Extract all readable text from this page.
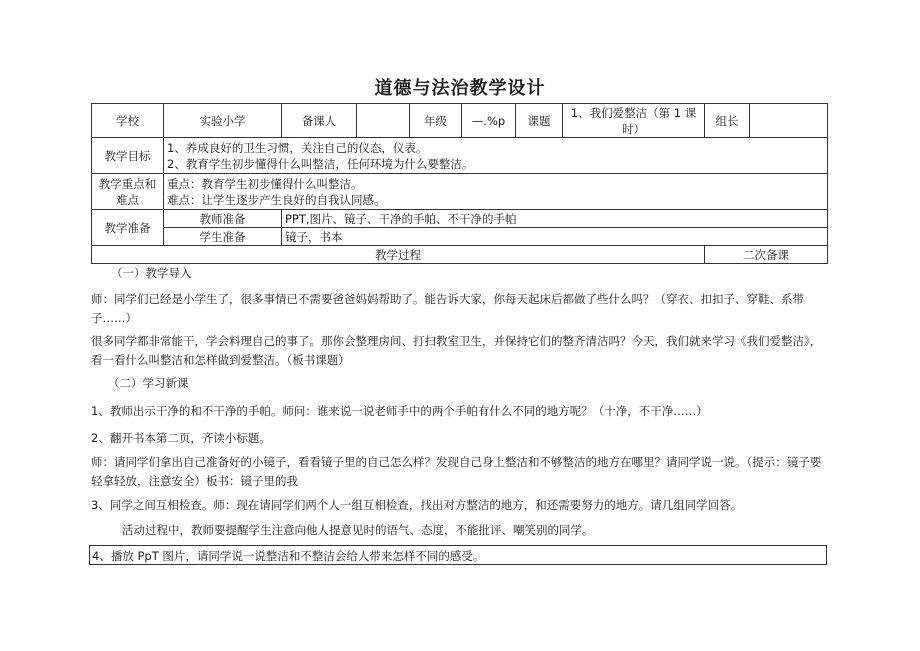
道德与法治教学设计
学校	实验小学	备课人		年级	—.%p	课题	1、我们爱整洁（第 1 课时）	组长	
教学目标	1、养成良好的卫生习惯，关注自己的仪态，仪表。
2、教育学生初步懂得什么叫整洁，任何环境为什么要整洁。								

教学重点和难点	重点：教育学生初步懂得什么叫整洁。
难点：让学生逐步产生良好的自我认同感。								

教学准备	教师准备	PPT,图片、镜子、干净的手帕、不干净的手帕							
	学生准备	镜子，书本							
教学过程								二次备课	
（一）教学导入
师：同学们已经是小学生了，很多事情已不需要爸爸妈妈帮助了。能告诉大家，你每天起床后都做了些什么吗？（穿衣、扣扣子、穿鞋、系带子……）
很多同学都非常能干，学会料理自己的事了。那你会整理房间、打扫教室卫生，并保持它们的整齐清洁吗？今天，我们就来学习《我们爱整洁》，看一看什么叫整洁和怎样做到爱整洁。（板书课题）
（二）学习新课
1、教师出示干净的和不干净的手帕。师问：谁来说一说老师手中的两个手帕有什么不同的地方呢？（十净，不干净……）
2、翻开书本第二页，齐读小标题。
师：请同学们拿出自己准备好的小镜子，看看镜子里的自己怎么样？发现自己身上整洁和不够整洁的地方在哪里？请同学说一说。（提示：镜子要轻拿轻放，注意安全）板书：镜子里的我
3、同学之间互相检查。师：现在请同学们两个人一组互相检查，找出对方整洁的地方，和还需要努力的地方。请几组同学回答。
活动过程中，教师要提醒学生注意向他人提意见时的语气、态度，不能批评、嘲笑别的同学。
4、播放 PpT 图片，请同学说一说整洁和不整洁会给人带来怎样不同的感受。
